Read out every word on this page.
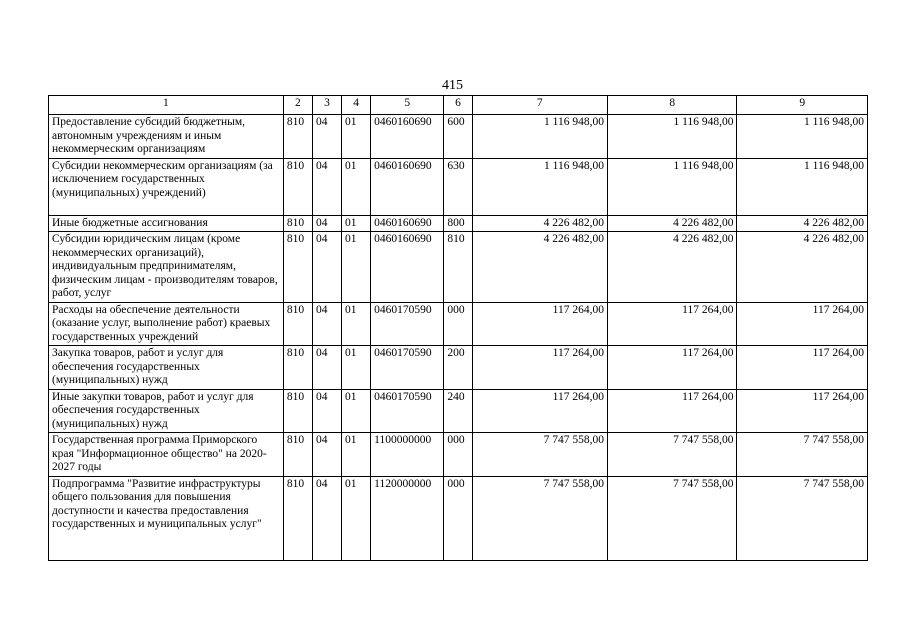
415
1	2	3	4	5	6	7	8	9
Предоставление субсидий бюджетным, автономным учреждениям и иным некоммерческим организациям	810	04	01	0460160690	600	1 116 948,00	1 116 948,00	1 116 948,00
Субсидии некоммерческим организациям (за исключением государственных (муниципальных) учреждений)	810	04	01	0460160690	630	1 116 948,00	1 116 948,00	1 116 948,00
Иные бюджетные ассигнования	810	04	01	0460160690	800	4 226 482,00	4 226 482,00	4 226 482,00
Субсидии юридическим лицам (кроме некоммерческих организаций), индивидуальным предпринимателям, физическим лицам - производителям товаров, работ, услуг	810	04	01	0460160690	810	4 226 482,00	4 226 482,00	4 226 482,00
Расходы на обеспечение деятельности (оказание услуг, выполнение работ) краевых государственных учреждений	810	04	01	0460170590	000	117 264,00	117 264,00	117 264,00
Закупка товаров, работ и услуг для обеспечения государственных (муниципальных) нужд	810	04	01	0460170590	200	117 264,00	117 264,00	117 264,00
Иные закупки товаров, работ и услуг для обеспечения государственных (муниципальных) нужд	810	04	01	0460170590	240	117 264,00	117 264,00	117 264,00
Государственная программа Приморского края "Информационное общество" на 2020-2027 годы	810	04	01	1100000000	000	7 747 558,00	7 747 558,00	7 747 558,00
Подпрограмма "Развитие инфраструктуры общего пользования для повышения доступности и качества предоставления государственных и муниципальных услуг"	810	04	01	1120000000	000	7 747 558,00	7 747 558,00	7 747 558,00
